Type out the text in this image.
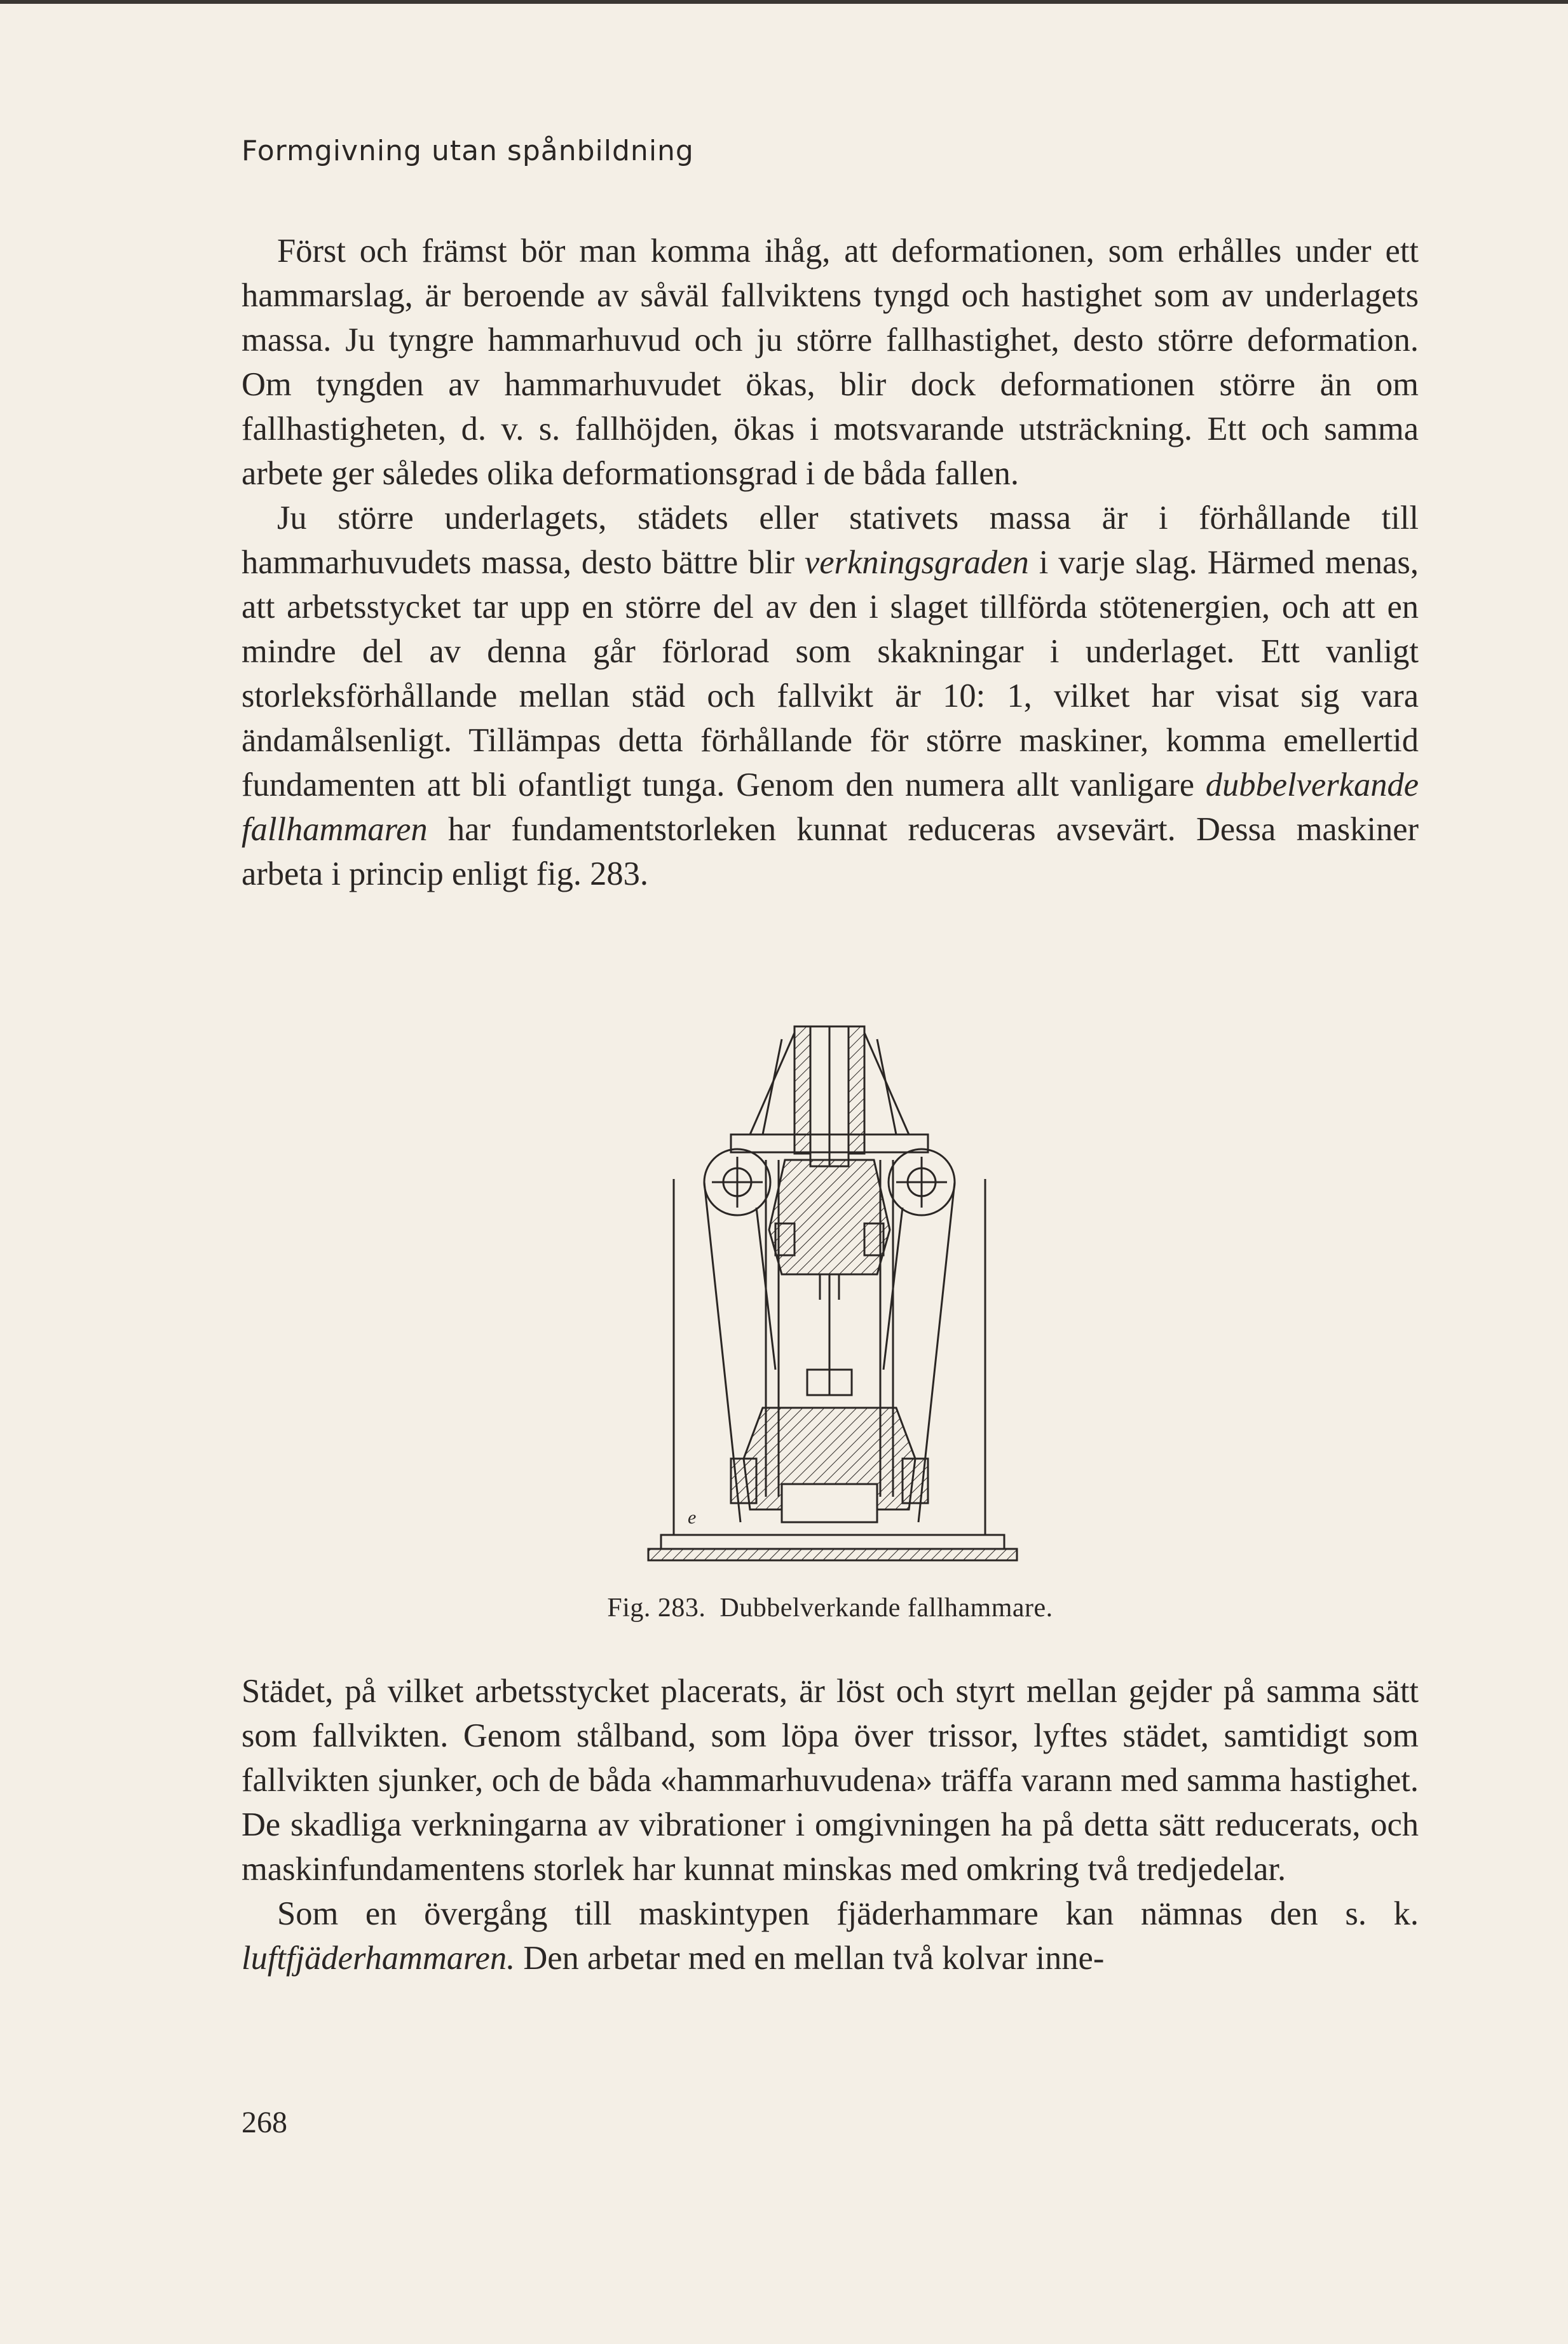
Formgivning utan spånbildning

Först och främst bör man komma ihåg, att deformationen, som erhålles under ett hammarslag, är beroende av såväl fallviktens tyngd och hastighet som av underlagets massa. Ju tyngre hammarhuvud och ju större fallhastighet, desto större deformation. Om tyngden av hammarhuvudet ökas, blir dock deformationen större än om fallhastigheten, d. v. s. fallhöjden, ökas i motsvarande utsträckning. Ett och samma arbete ger således olika deformationsgrad i de båda fallen.

Ju större underlagets, städets eller stativets massa är i förhållande till hammarhuvudets massa, desto bättre blir verkningsgraden i varje slag. Härmed menas, att arbetsstycket tar upp en större del av den i slaget tillförda stötenergien, och att en mindre del av denna går förlorad som skakningar i underlaget. Ett vanligt storleksförhållande mellan städ och fallvikt är 10: 1, vilket har visat sig vara ändamålsenligt. Tillämpas detta förhållande för större maskiner, komma emellertid fundamenten att bli ofantligt tunga. Genom den numera allt vanligare dubbelverkande fallhammaren har fundamentstorleken kunnat reduceras avsevärt. Dessa maskiner arbeta i princip enligt fig. 283.

e
Fig. 283. Dubbelverkande fallhammare.

Städet, på vilket arbetsstycket placerats, är löst och styrt mellan gejder på samma sätt som fallvikten. Genom stålband, som löpa över trissor, lyftes städet, samtidigt som fallvikten sjunker, och de båda «hammarhuvudena» träffa varann med samma hastighet. De skadliga verkningarna av vibrationer i omgivningen ha på detta sätt reducerats, och maskinfundamentens storlek har kunnat minskas med omkring två tredjedelar.

Som en övergång till maskintypen fjäderhammare kan nämnas den s. k. luftfjäderhammaren. Den arbetar med en mellan två kolvar inne-

268
